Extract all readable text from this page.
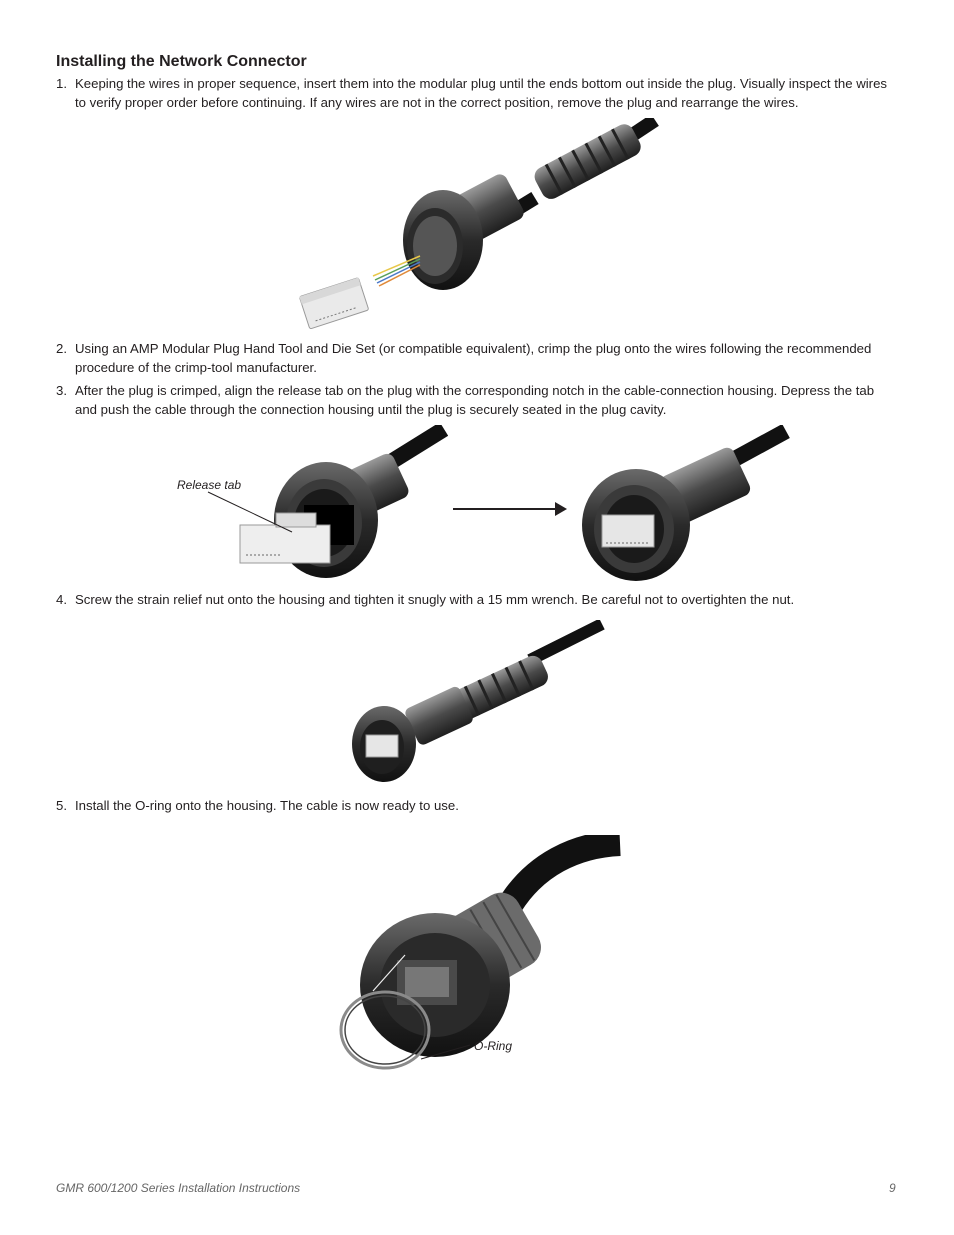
Installing the Network Connector
1. Keeping the wires in proper sequence, insert them into the modular plug until the ends bottom out inside the plug. Visually inspect the wires to verify proper order before continuing. If any wires are not in the correct position, remove the plug and rearrange the wires.
2. Using an AMP Modular Plug Hand Tool and Die Set (or compatible equivalent), crimp the plug onto the wires following the recommended procedure of the crimp-tool manufacturer.
3. After the plug is crimped, align the release tab on the plug with the corresponding notch in the cable-connection housing. Depress the tab and push the cable through the connection housing until the plug is securely seated in the plug cavity.
Release tab
4. Screw the strain relief nut onto the housing and tighten it snugly with a 15 mm wrench. Be careful not to overtighten the nut.
5. Install the O-ring onto the housing. The cable is now ready to use.
O-Ring
GMR 600/1200 Series Installation Instructions	9
